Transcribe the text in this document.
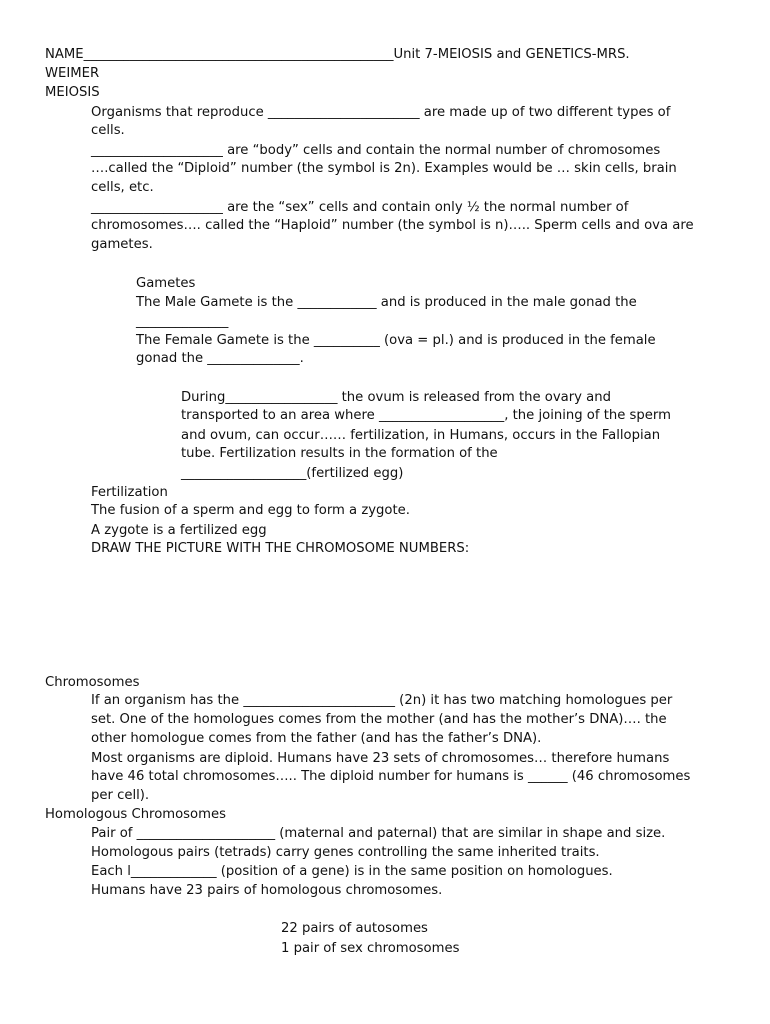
NAME_______________________________________________Unit 7-MEIOSIS and GENETICS-MRS.
WEIMER
MEIOSIS
Organisms that reproduce _______________________ are made up of two different types of
cells.
____________________ are “body” cells and contain the normal number of chromosomes
….called the “Diploid” number (the symbol is 2n). Examples would be … skin cells, brain
cells, etc.
____________________ are the “sex” cells and contain only ½ the normal number of
chromosomes…. called the “Haploid” number (the symbol is n)….. Sperm cells and ova are
gametes.
Gametes
The Male Gamete is the ____________ and is produced in the male gonad the
______________
The Female Gamete is the __________ (ova = pl.) and is produced in the female
gonad the ______________.
During_________________ the ovum is released from the ovary and
transported to an area where ___________________, the joining of the sperm
and ovum, can occur…… fertilization, in Humans, occurs in the Fallopian
tube. Fertilization results in the formation of the
___________________(fertilized egg)
Fertilization
The fusion of a sperm and egg to form a zygote.
A zygote is a fertilized egg
DRAW THE PICTURE WITH THE CHROMOSOME NUMBERS:
Chromosomes
If an organism has the _______________________ (2n) it has two matching homologues per
set. One of the homologues comes from the mother (and has the mother’s DNA)…. the
other homologue comes from the father (and has the father’s DNA).
Most organisms are diploid. Humans have 23 sets of chromosomes… therefore humans
have 46 total chromosomes….. The diploid number for humans is ______ (46 chromosomes
per cell).
Homologous Chromosomes
Pair of _____________________ (maternal and paternal) that are similar in shape and size.
Homologous pairs (tetrads) carry genes controlling the same inherited traits.
Each l_____________ (position of a gene) is in the same position on homologues.
Humans have 23 pairs of homologous chromosomes.
22 pairs of autosomes
1 pair of sex chromosomes
